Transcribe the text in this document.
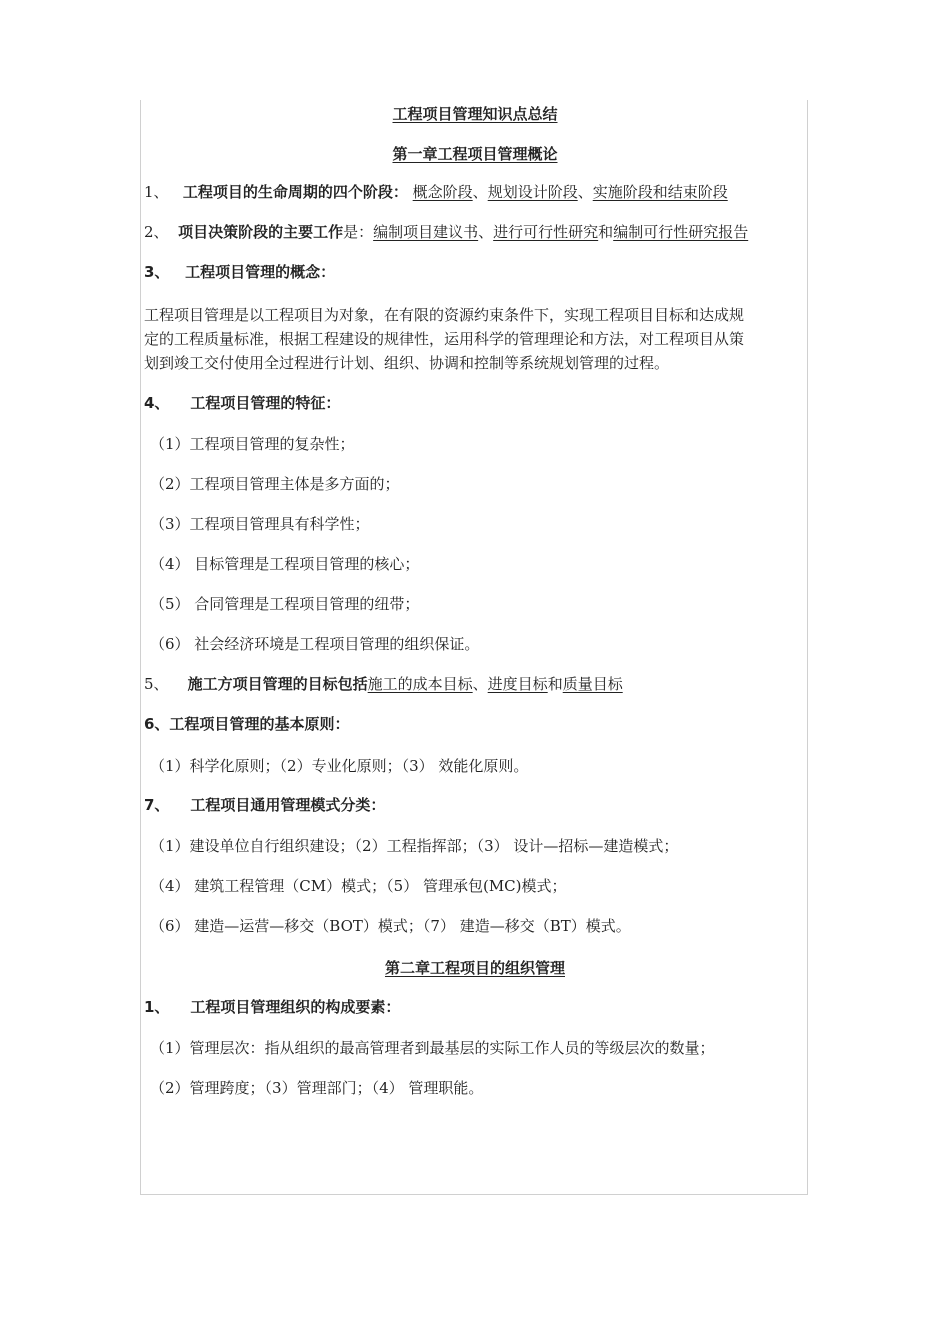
工程项目管理知识点总结
第一章工程项目管理概论
1、 工程项目的生命周期的四个阶段： 概念阶段、规划设计阶段、实施阶段和结束阶段
2、 项目决策阶段的主要工作是：编制项目建议书、进行可行性研究和编制可行性研究报告
3、 工程项目管理的概念：
工程项目管理是以工程项目为对象，在有限的资源约束条件下，实现工程项目目标和达成规
定的工程质量标准，根据工程建设的规律性，运用科学的管理理论和方法，对工程项目从策
划到竣工交付使用全过程进行计划、组织、协调和控制等系统规划管理的过程。
4、 工程项目管理的特征：
（1）工程项目管理的复杂性；
（2）工程项目管理主体是多方面的；
（3）工程项目管理具有科学性；
（4） 目标管理是工程项目管理的核心；
（5） 合同管理是工程项目管理的纽带；
（6） 社会经济环境是工程项目管理的组织保证。
5、 施工方项目管理的目标包括施工的成本目标、进度目标和质量目标
6、工程项目管理的基本原则：
（1）科学化原则；（2）专业化原则；（3） 效能化原则。
7、 工程项目通用管理模式分类：
（1）建设单位自行组织建设；（2）工程指挥部；（3） 设计—招标—建造模式；
（4） 建筑工程管理（CM）模式；（5） 管理承包(MC)模式；
（6） 建造—运营—移交（BOT）模式；（7） 建造—移交（BT）模式。
第二章工程项目的组织管理
1、 工程项目管理组织的构成要素：
（1）管理层次：指从组织的最高管理者到最基层的实际工作人员的等级层次的数量；
（2）管理跨度；（3）管理部门；（4） 管理职能。
